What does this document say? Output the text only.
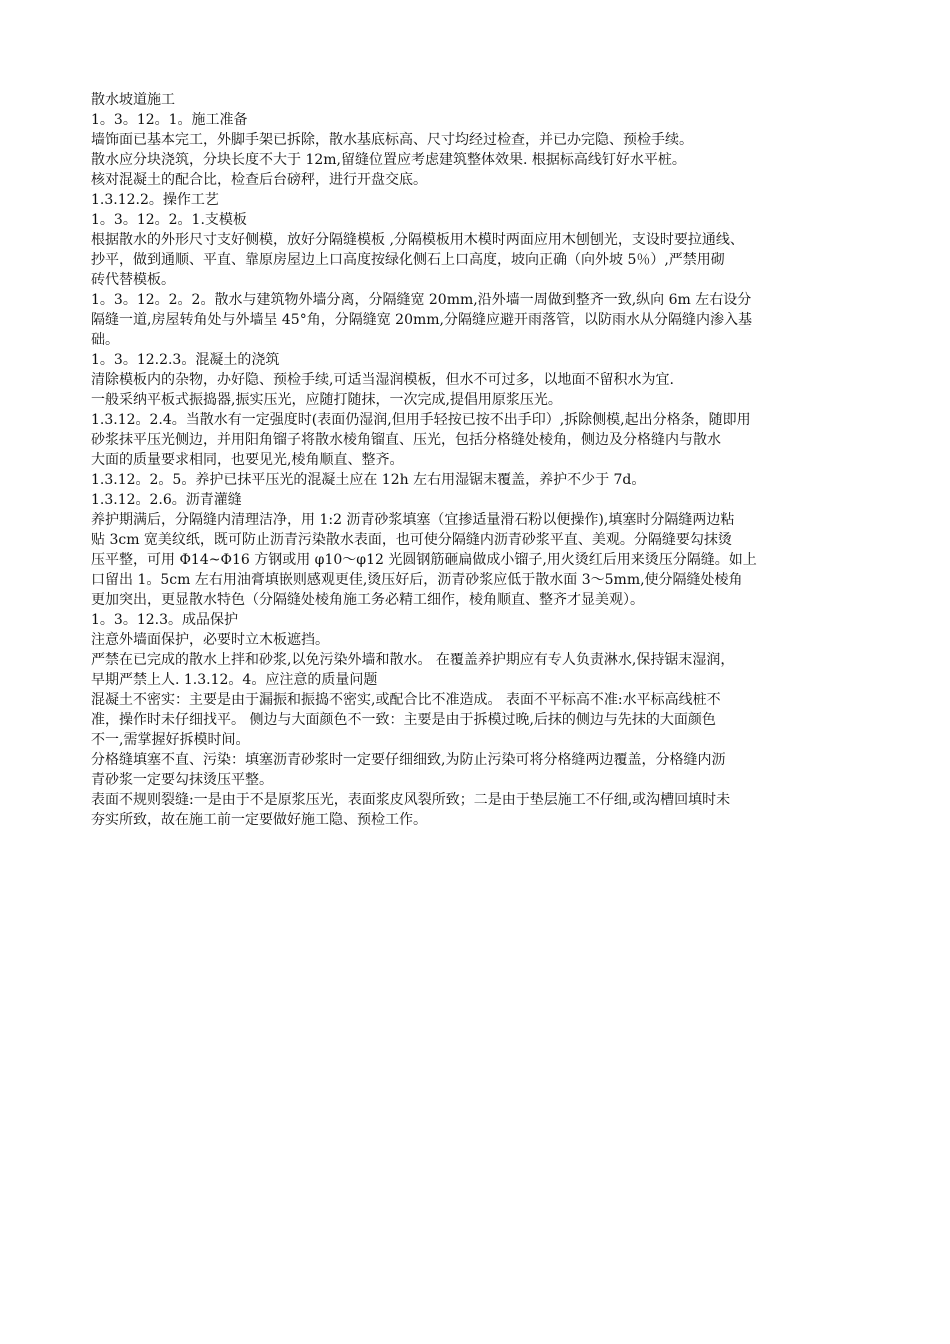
散水坡道施工
1。3。12。1。施工准备
墙饰面已基本完工，外脚手架已拆除，散水基底标高、尺寸均经过检查，并已办完隐、预检手续。
散水应分块浇筑，分块长度不大于 12m,留缝位置应考虑建筑整体效果. 根据标高线钉好水平桩。
核对混凝土的配合比，检查后台磅秤，进行开盘交底。
1.3.12.2。操作工艺
1。3。12。2。1.支模板
根据散水的外形尺寸支好侧模，放好分隔缝模板 ,分隔模板用木模时两面应用木刨刨光，支设时要拉通线、
抄平，做到通顺、平直、靠原房屋边上口高度按绿化侧石上口高度，坡向正确（向外坡 5％）,严禁用砌
砖代替模板。
1。3。12。2。2。散水与建筑物外墙分离，分隔缝宽 20mm,沿外墙一周做到整齐一致,纵向 6m 左右设分
隔缝一道,房屋转角处与外墙呈 45°角，分隔缝宽 20mm,分隔缝应避开雨落管，以防雨水从分隔缝内渗入基
础。
1。3。12.2.3。混凝土的浇筑
清除模板内的杂物，办好隐、预检手续,可适当湿润模板，但水不可过多，以地面不留积水为宜.
一般采纳平板式振捣器,振实压光，应随打随抹，一次完成,提倡用原浆压光。
1.3.12。2.4。当散水有一定强度时(表面仍湿润,但用手轻按已按不出手印）,拆除侧模,起出分格条，随即用
砂浆抹平压光侧边，并用阳角镏子将散水棱角镏直、压光，包括分格缝处棱角，侧边及分格缝内与散水
大面的质量要求相同，也要见光,棱角顺直、整齐。
1.3.12。2。5。养护已抹平压光的混凝土应在 12h 左右用湿锯末覆盖，养护不少于 7d。
1.3.12。2.6。沥青灌缝
养护期满后，分隔缝内清理洁净，用 1:2 沥青砂浆填塞（宜掺适量滑石粉以便操作),填塞时分隔缝两边粘
贴 3cm 宽美纹纸，既可防止沥青污染散水表面，也可使分隔缝内沥青砂浆平直、美观。分隔缝要勾抹烫
压平整，可用 Φ14~Φ16 方钢或用 φ10～φ12 光圆钢筋砸扁做成小镏子,用火烫红后用来烫压分隔缝。如上
口留出 1。5cm 左右用油膏填嵌则感观更佳,烫压好后，沥青砂浆应低于散水面 3～5mm,使分隔缝处棱角
更加突出，更显散水特色（分隔缝处棱角施工务必精工细作，棱角顺直、整齐才显美观）。
1。3。12.3。成品保护
注意外墙面保护，必要时立木板遮挡。
严禁在已完成的散水上拌和砂浆,以免污染外墙和散水。 在覆盖养护期应有专人负责淋水,保持锯末湿润，
早期严禁上人. 1.3.12。4。应注意的质量问题
混凝土不密实：主要是由于漏振和振捣不密实,或配合比不准造成。 表面不平标高不准:水平标高线桩不
准，操作时未仔细找平。 侧边与大面颜色不一致：主要是由于拆模过晚,后抹的侧边与先抹的大面颜色
不一,需掌握好拆模时间。
分格缝填塞不直、污染：填塞沥青砂浆时一定要仔细细致,为防止污染可将分格缝两边覆盖，分格缝内沥
青砂浆一定要勾抹烫压平整。
表面不规则裂缝:一是由于不是原浆压光，表面浆皮风裂所致；二是由于垫层施工不仔细,或沟槽回填时未
夯实所致，故在施工前一定要做好施工隐、预检工作。
